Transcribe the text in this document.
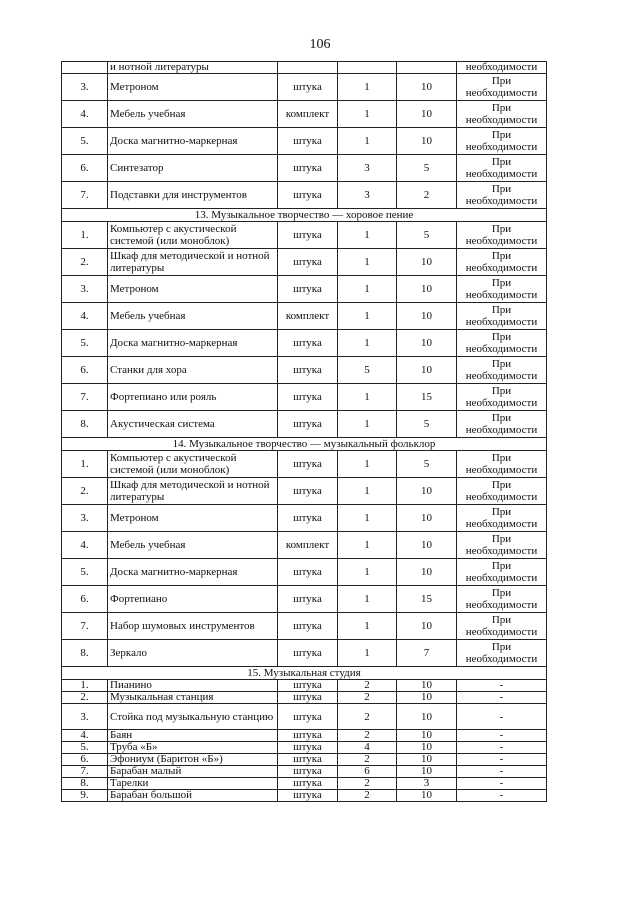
106
	и нотной литературы				необходимости
3.	Метроном	штука	1	10	При необходимости
4.	Мебель учебная	комплект	1	10	При необходимости
5.	Доска магнитно-маркерная	штука	1	10	При необходимости
6.	Синтезатор	штука	3	5	При необходимости
7.	Подставки для инструментов	штука	3	2	При необходимости
13. Музыкальное творчество — хоровое пение					
1.	Компьютер с акустической системой (или моноблок)	штука	1	5	При необходимости
2.	Шкаф для методической и нотной литературы	штука	1	10	При необходимости
3.	Метроном	штука	1	10	При необходимости
4.	Мебель учебная	комплект	1	10	При необходимости
5.	Доска магнитно-маркерная	штука	1	10	При необходимости
6.	Станки для хора	штука	5	10	При необходимости
7.	Фортепиано или рояль	штука	1	15	При необходимости
8.	Акустическая система	штука	1	5	При необходимости
14. Музыкальное творчество — музыкальный фольклор					
1.	Компьютер с акустической системой (или моноблок)	штука	1	5	При необходимости
2.	Шкаф для методической и нотной литературы	штука	1	10	При необходимости
3.	Метроном	штука	1	10	При необходимости
4.	Мебель учебная	комплект	1	10	При необходимости
5.	Доска магнитно-маркерная	штука	1	10	При необходимости
6.	Фортепиано	штука	1	15	При необходимости
7.	Набор шумовых инструментов	штука	1	10	При необходимости
8.	Зеркало	штука	1	7	При необходимости
15. Музыкальная студия					
1.	Пианино	штука	2	10	-
2.	Музыкальная станция	штука	2	10	-
3.	Стойка под музыкальную станцию	штука	2	10	-
4.	Баян	штука	2	10	-
5.	Труба «Б»	штука	4	10	-
6.	Эфониум (Баритон «Б»)	штука	2	10	-
7.	Барабан малый	штука	6	10	-
8.	Тарелки	штука	2	3	-
9.	Барабан большой	штука	2	10	-
